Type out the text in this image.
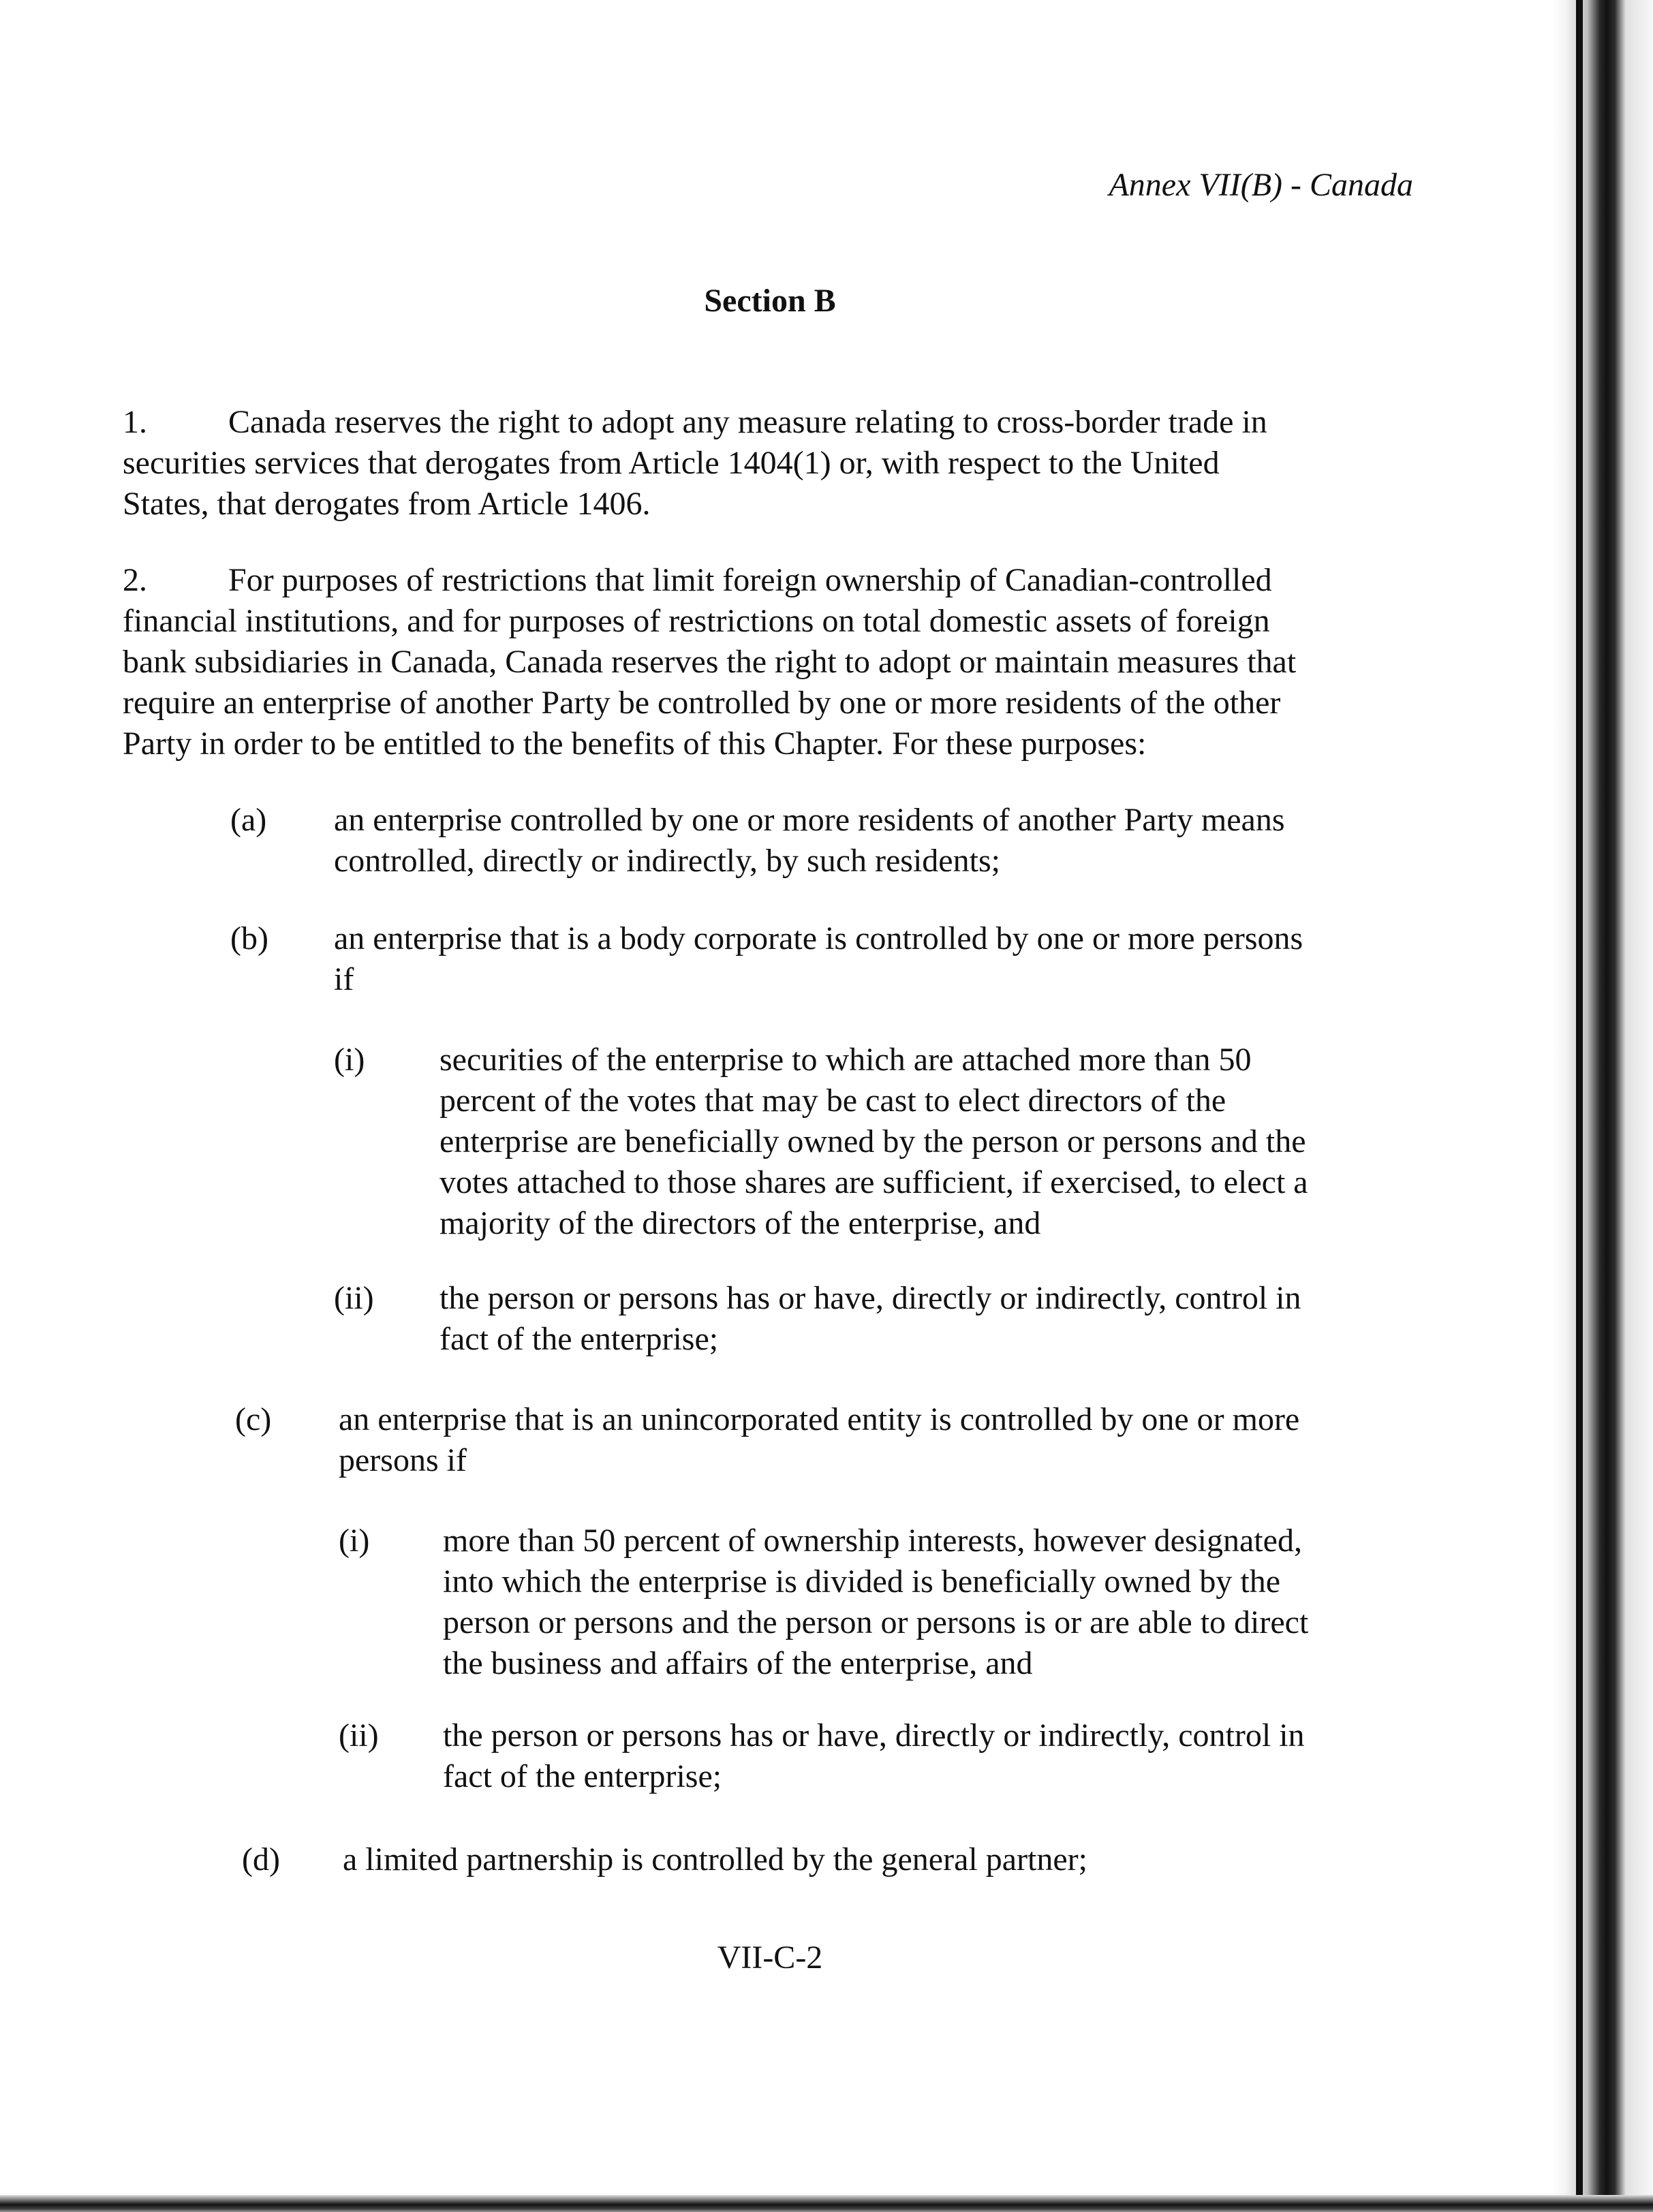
Annex VII(B) - Canada
Section B
1. Canada reserves the right to adopt any measure relating to cross-border trade in
securities services that derogates from Article 1404(1) or, with respect to the United
States, that derogates from Article 1406.
2. For purposes of restrictions that limit foreign ownership of Canadian-controlled
financial institutions, and for purposes of restrictions on total domestic assets of foreign
bank subsidiaries in Canada, Canada reserves the right to adopt or maintain measures that
require an enterprise of another Party be controlled by one or more residents of the other
Party in order to be entitled to the benefits of this Chapter. For these purposes:
(a) an enterprise controlled by one or more residents of another Party means
controlled, directly or indirectly, by such residents;
(b) an enterprise that is a body corporate is controlled by one or more persons
if
(i) securities of the enterprise to which are attached more than 50
percent of the votes that may be cast to elect directors of the
enterprise are beneficially owned by the person or persons and the
votes attached to those shares are sufficient, if exercised, to elect a
majority of the directors of the enterprise, and
(ii) the person or persons has or have, directly or indirectly, control in
fact of the enterprise;
(c) an enterprise that is an unincorporated entity is controlled by one or more
persons if
(i) more than 50 percent of ownership interests, however designated,
into which the enterprise is divided is beneficially owned by the
person or persons and the person or persons is or are able to direct
the business and affairs of the enterprise, and
(ii) the person or persons has or have, directly or indirectly, control in
fact of the enterprise;
(d) a limited partnership is controlled by the general partner;
VII-C-2
